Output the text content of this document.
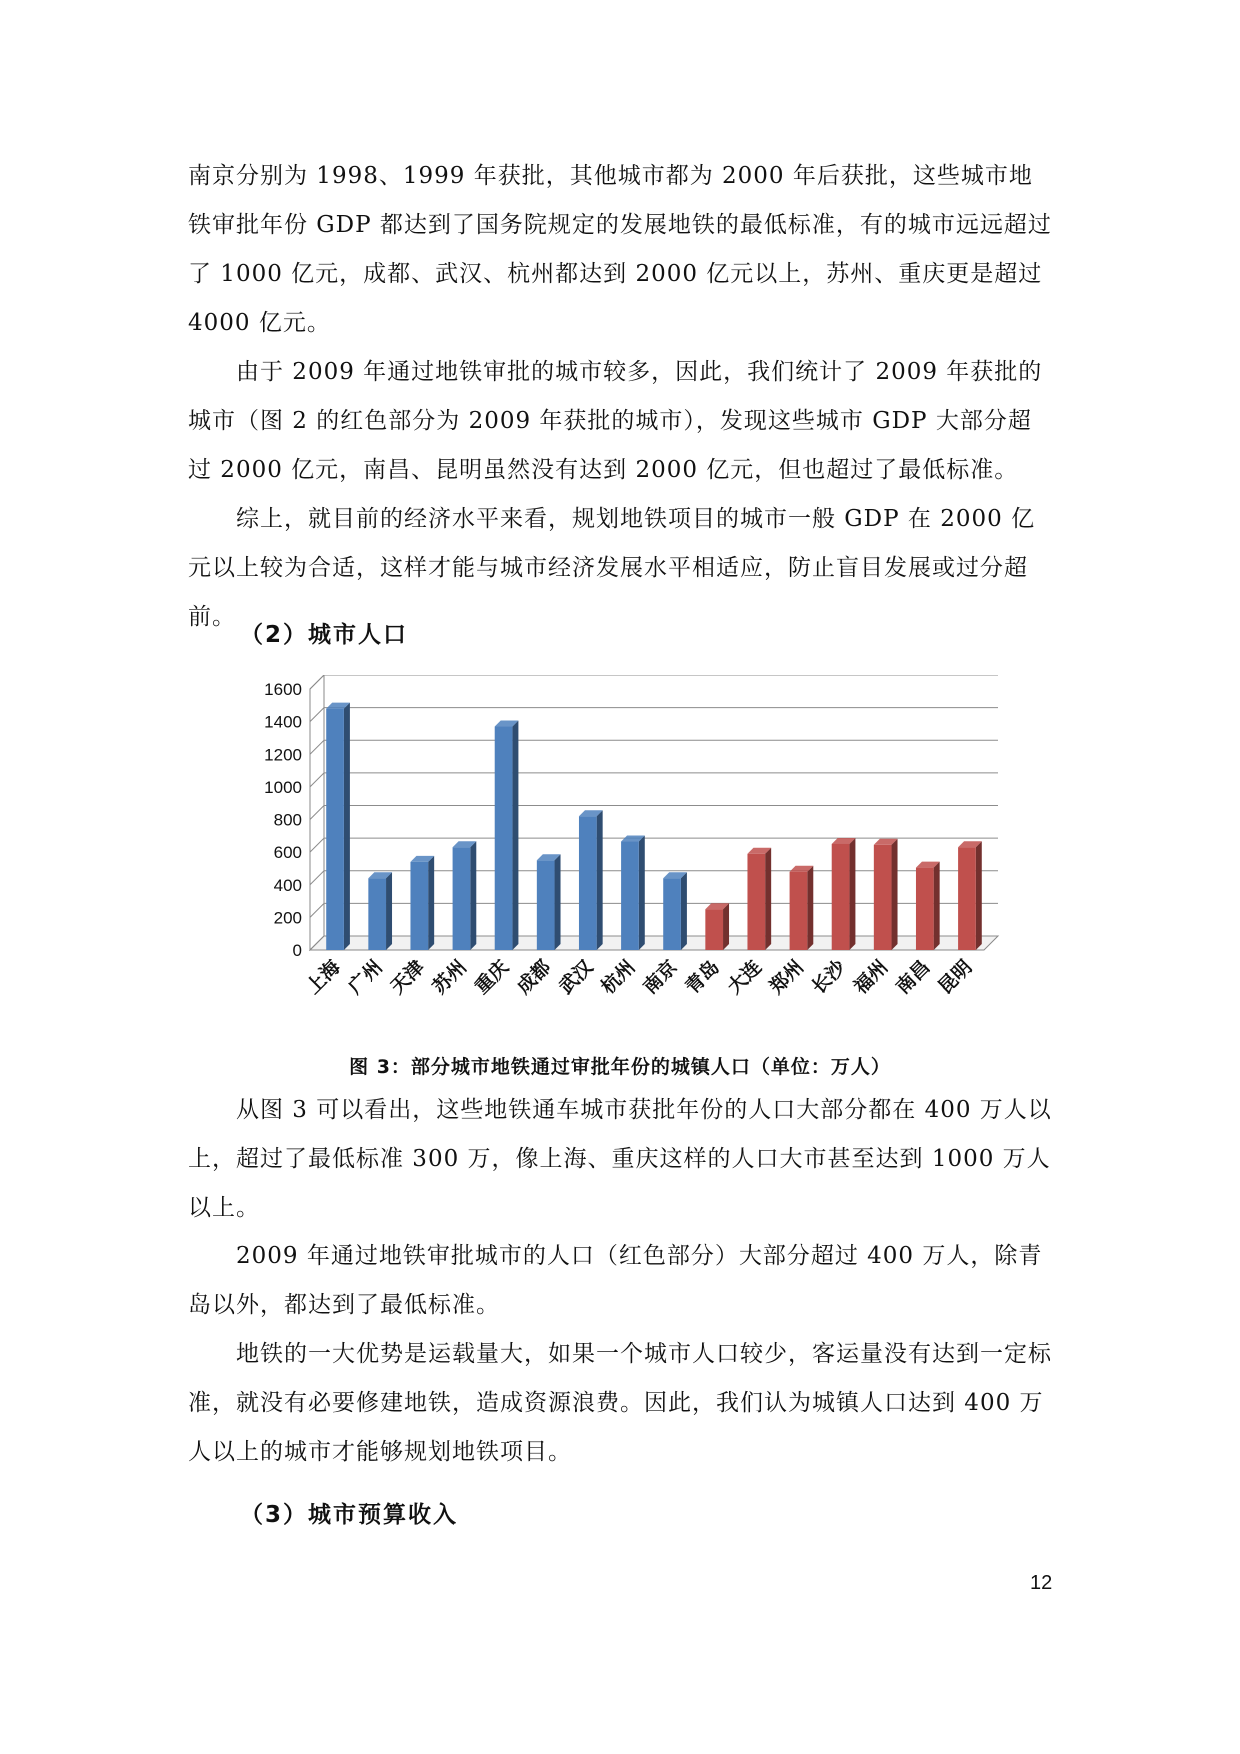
南京分别为 1998、1999 年获批，其他城市都为 2000 年后获批，这些城市地铁审批年份 GDP 都达到了国务院规定的发展地铁的最低标准，有的城市远远超过了 1000 亿元，成都、武汉、杭州都达到 2000 亿元以上，苏州、重庆更是超过 4000 亿元。

由于 2009 年通过地铁审批的城市较多，因此，我们统计了 2009 年获批的城市（图 2 的红色部分为 2009 年获批的城市），发现这些城市 GDP 大部分超过 2000 亿元，南昌、昆明虽然没有达到 2000 亿元，但也超过了最低标准。

综上，就目前的经济水平来看，规划地铁项目的城市一般 GDP 在 2000 亿元以上较为合适，这样才能与城市经济发展水平相适应，防止盲目发展或过分超前。

（2）城市人口

0
200
400
600
800
1000
1200
1400
1600
上海 广州 天津 苏州 重庆 成都 武汉 杭州 南京 青岛 大连 郑州 长沙 福州 南昌 昆明

图 3：部分城市地铁通过审批年份的城镇人口（单位：万人）

从图 3 可以看出，这些地铁通车城市获批年份的人口大部分都在 400 万人以上，超过了最低标准 300 万，像上海、重庆这样的人口大市甚至达到 1000 万人以上。

2009 年通过地铁审批城市的人口（红色部分）大部分超过 400 万人，除青岛以外，都达到了最低标准。

地铁的一大优势是运载量大，如果一个城市人口较少，客运量没有达到一定标准，就没有必要修建地铁，造成资源浪费。因此，我们认为城镇人口达到 400 万人以上的城市才能够规划地铁项目。

（3）城市预算收入

12
